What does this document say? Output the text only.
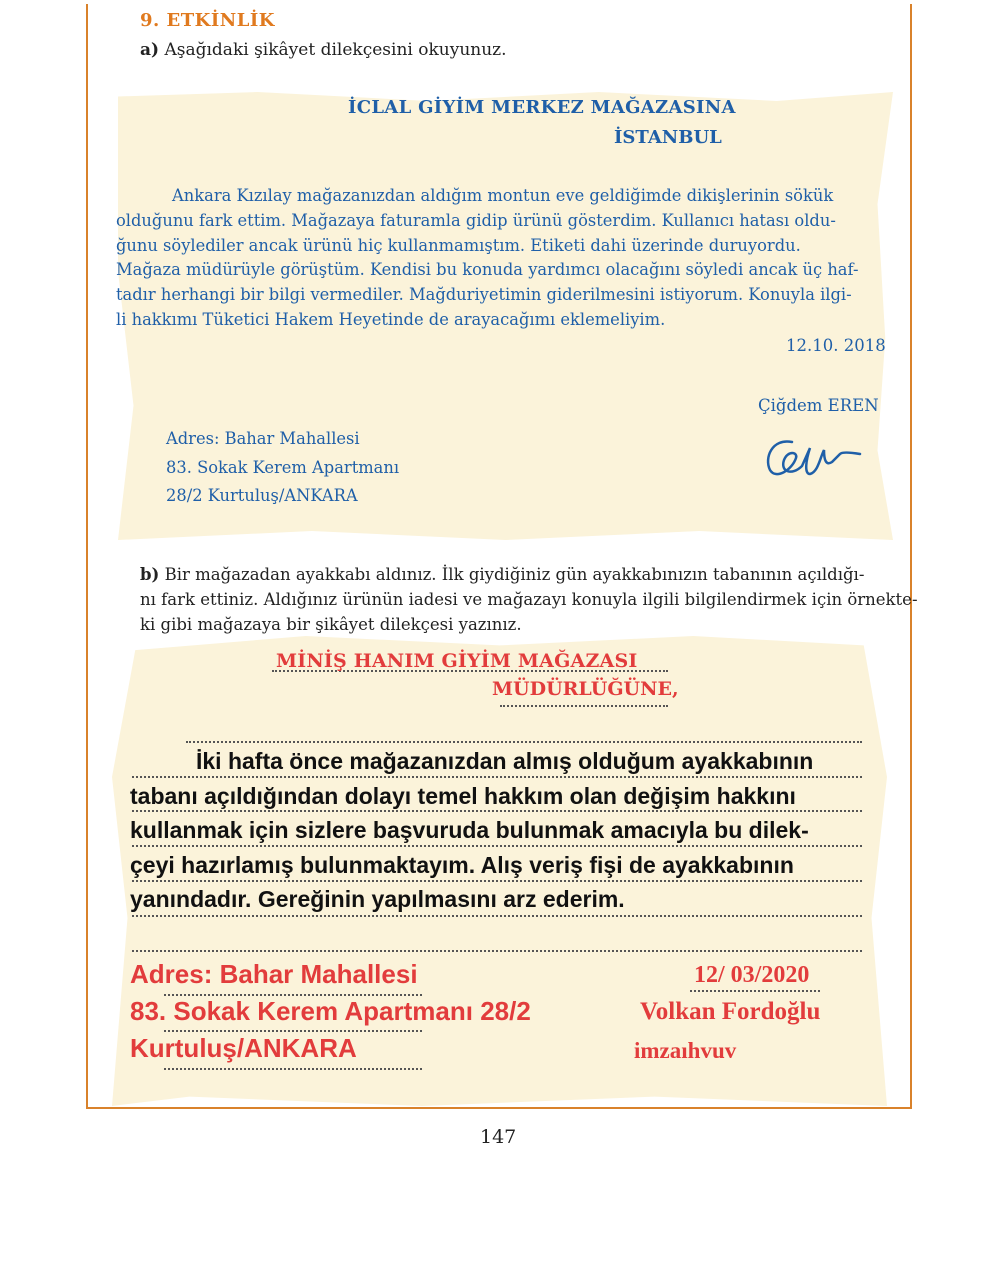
9. ETKİNLİK
a) Aşağıdaki şikâyet dilekçesini okuyunuz.
İCLAL GİYİM MERKEZ MAĞAZASINA
İSTANBUL
Ankara Kızılay mağazanızdan aldığım montun eve geldiğimde dikişlerinin sökük
olduğunu fark ettim. Mağazaya faturamla gidip ürünü gösterdim. Kullanıcı hatası oldu-
ğunu söylediler ancak ürünü hiç kullanmamıştım. Etiketi dahi üzerinde duruyordu.
Mağaza müdürüyle görüştüm. Kendisi bu konuda yardımcı olacağını söyledi ancak üç haf-
tadır herhangi bir bilgi vermediler. Mağduriyetimin giderilmesini istiyorum. Konuyla ilgi-
li hakkımı Tüketici Hakem Heyetinde de arayacağımı eklemeliyim.
12.10. 2018
Çiğdem EREN
Adres: Bahar Mahallesi
83. Sokak Kerem Apartmanı
28/2 Kurtuluş/ANKARA
b) Bir mağazadan ayakkabı aldınız. İlk giydiğiniz gün ayakkabınızın tabanının açıldığı-
nı fark ettiniz. Aldığınız ürünün iadesi ve mağazayı konuyla ilgili bilgilendirmek için örnekte-
ki gibi mağazaya bir şikâyet dilekçesi yazınız.
MİNİŞ HANIM GİYİM MAĞAZASI
MÜDÜRLÜĞÜNE,
İki hafta önce mağazanızdan almış olduğum ayakkabının
tabanı açıldığından dolayı temel hakkım olan değişim hakkını
kullanmak için sizlere başvuruda bulunmak amacıyla bu dilek-
çeyi hazırlamış bulunmaktayım. Alış veriş fişi de ayakkabının
yanındadır. Gereğinin yapılmasını arz ederim.
Adres: Bahar Mahallesi
83. Sokak Kerem Apartmanı 28/2
Kurtuluş/ANKARA
12/ 03/2020
Volkan Fordoğlu
imzaıhvuv
147
